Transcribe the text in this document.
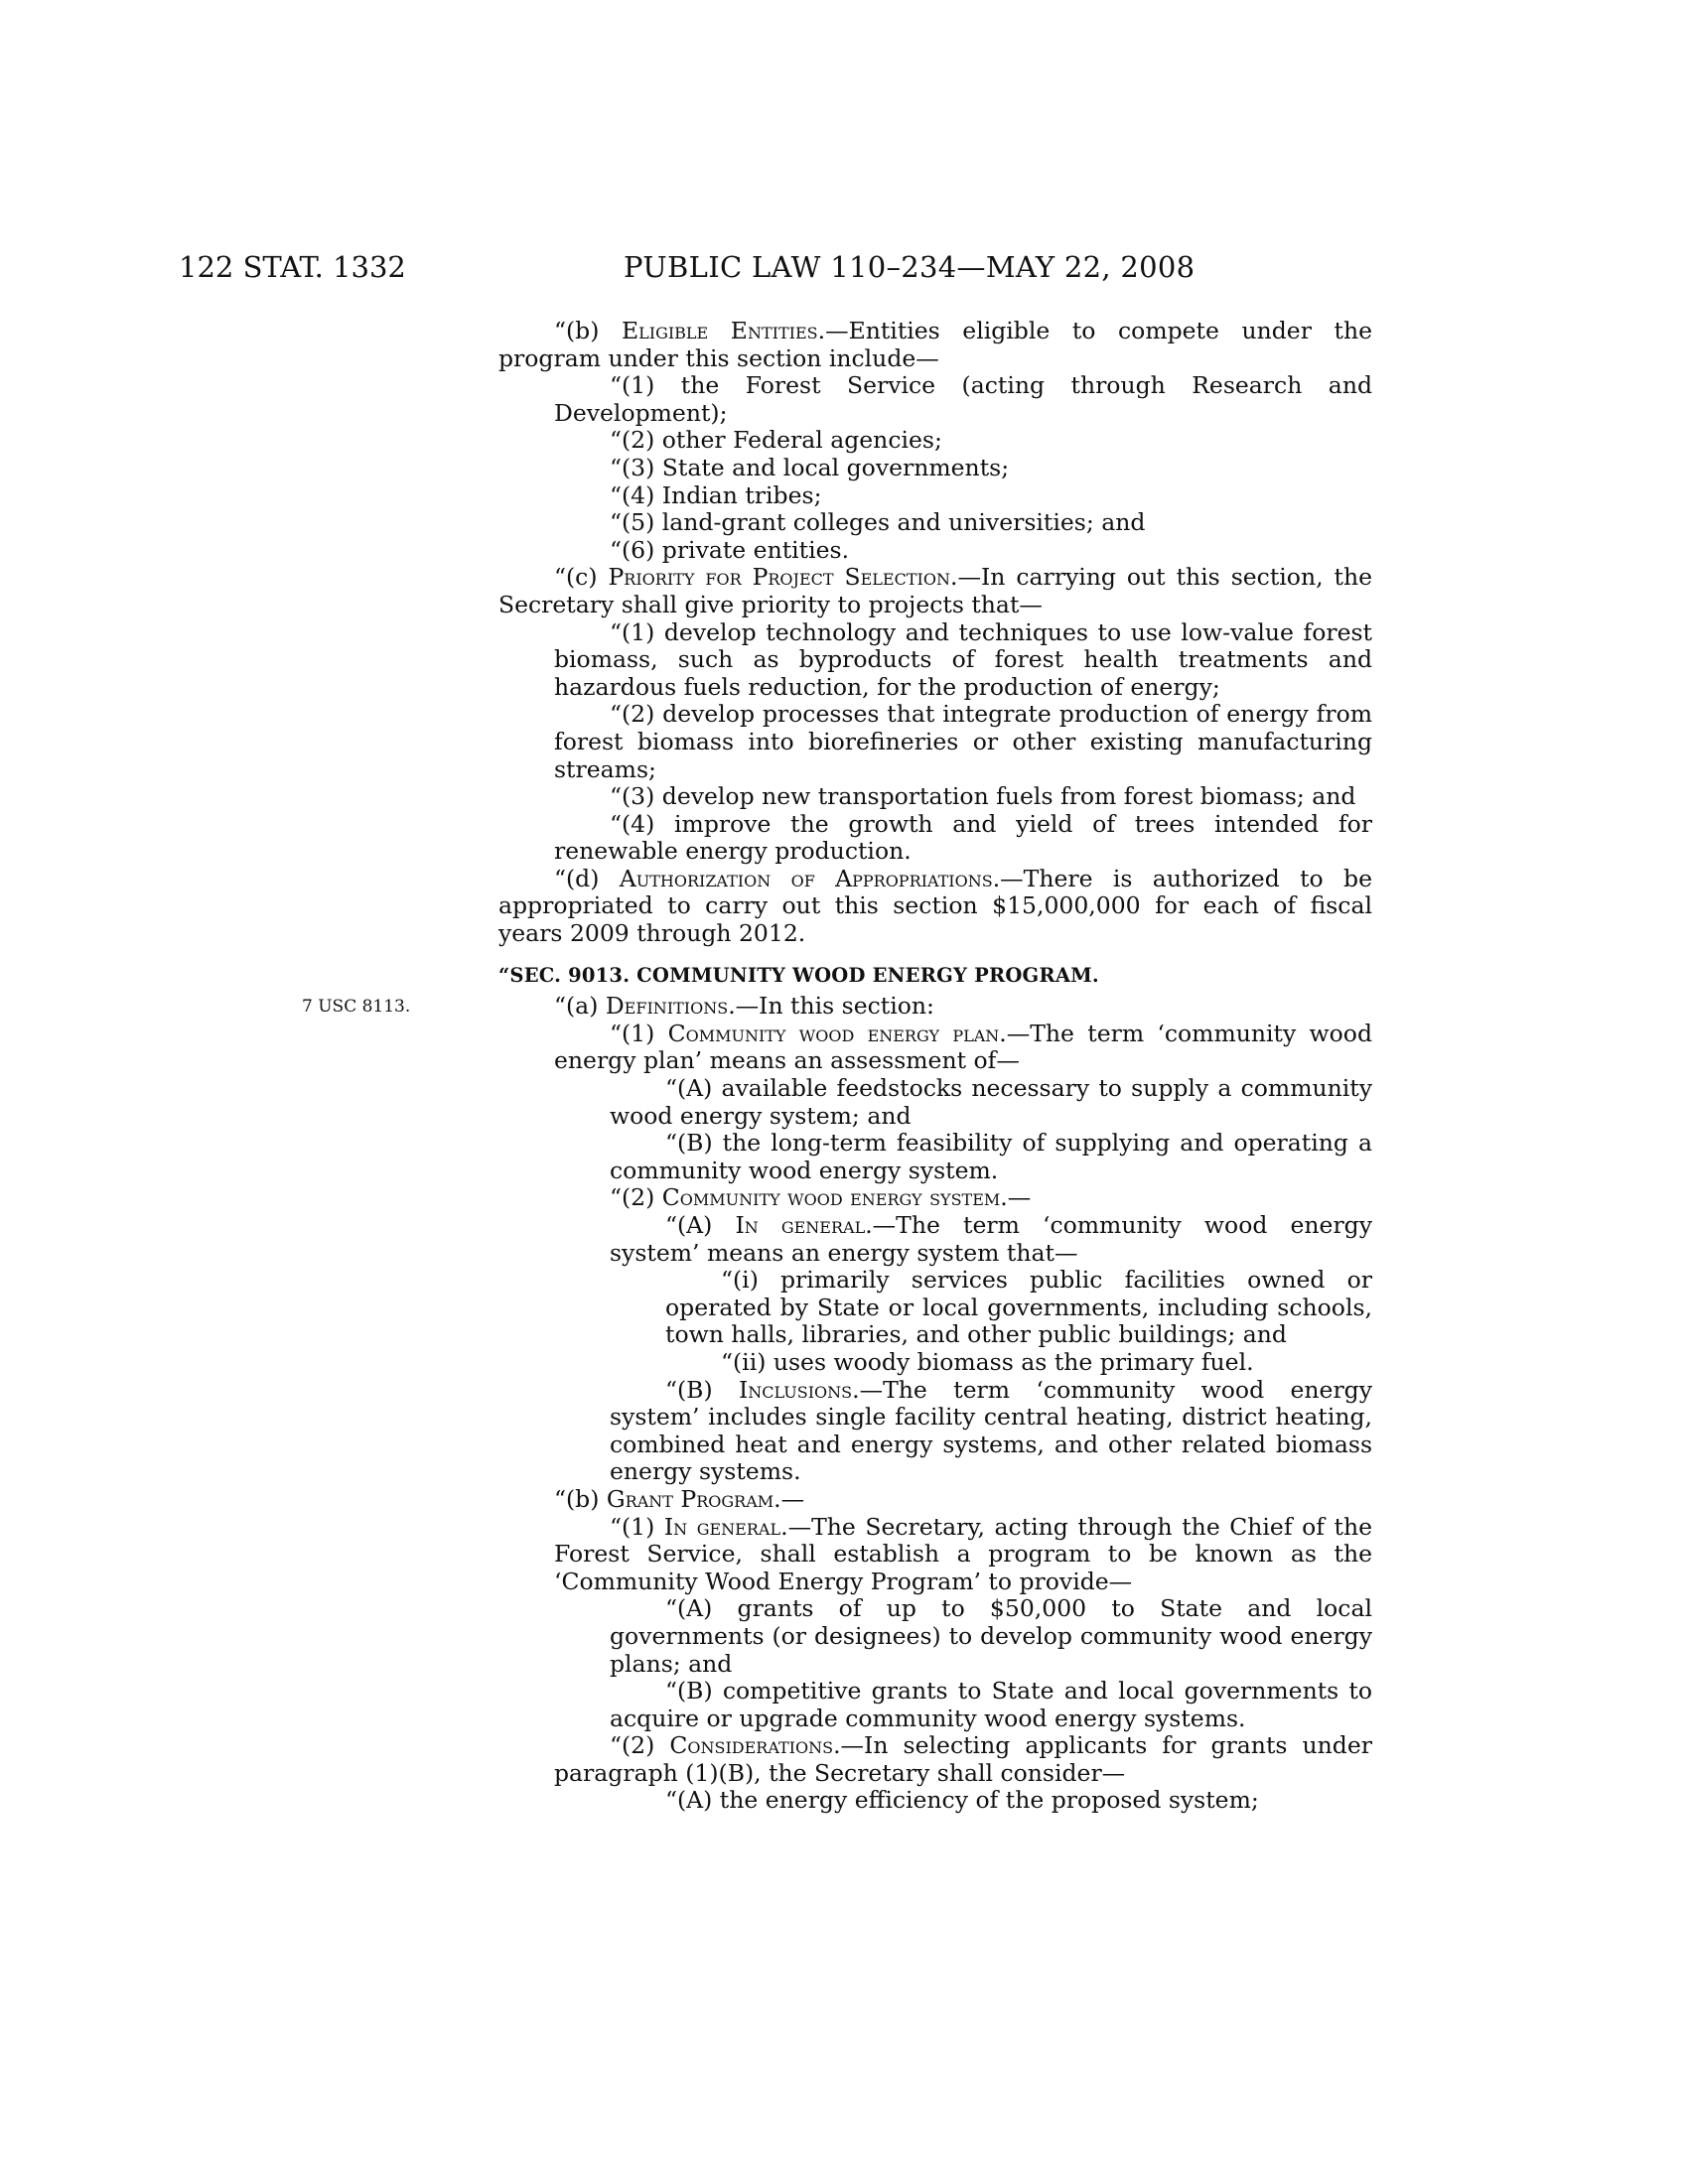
122 STAT. 1332	PUBLIC LAW 110–234—MAY 22, 2008
7 USC 8113.

“(b) Eligible Entities.—Entities eligible to compete under the program under this section include—

“(1) the Forest Service (acting through Research and Development);

“(2) other Federal agencies;

“(3) State and local governments;

“(4) Indian tribes;

“(5) land-grant colleges and universities; and

“(6) private entities.

“(c) Priority for Project Selection.—In carrying out this section, the Secretary shall give priority to projects that—

“(1) develop technology and techniques to use low-value forest biomass, such as byproducts of forest health treatments and hazardous fuels reduction, for the production of energy;

“(2) develop processes that integrate production of energy from forest biomass into biorefineries or other existing manufacturing streams;

“(3) develop new transportation fuels from forest biomass; and

“(4) improve the growth and yield of trees intended for renewable energy production.

“(d) Authorization of Appropriations.—There is authorized to be appropriated to carry out this section $15,000,000 for each of fiscal years 2009 through 2012.

“SEC. 9013. COMMUNITY WOOD ENERGY PROGRAM.

“(a) Definitions.—In this section:

“(1) Community wood energy plan.—The term ‘community wood energy plan’ means an assessment of—

“(A) available feedstocks necessary to supply a community wood energy system; and

“(B) the long-term feasibility of supplying and operating a community wood energy system.

“(2) Community wood energy system.—

“(A) In general.—The term ‘community wood energy system’ means an energy system that—

“(i) primarily services public facilities owned or operated by State or local governments, including schools, town halls, libraries, and other public buildings; and

“(ii) uses woody biomass as the primary fuel.

“(B) Inclusions.—The term ‘community wood energy system’ includes single facility central heating, district heating, combined heat and energy systems, and other related biomass energy systems.

“(b) Grant Program.—

“(1) In general.—The Secretary, acting through the Chief of the Forest Service, shall establish a program to be known as the ‘Community Wood Energy Program’ to provide—

“(A) grants of up to $50,000 to State and local governments (or designees) to develop community wood energy plans; and

“(B) competitive grants to State and local governments to acquire or upgrade community wood energy systems.

“(2) Considerations.—In selecting applicants for grants under paragraph (1)(B), the Secretary shall consider—

“(A) the energy efficiency of the proposed system;
